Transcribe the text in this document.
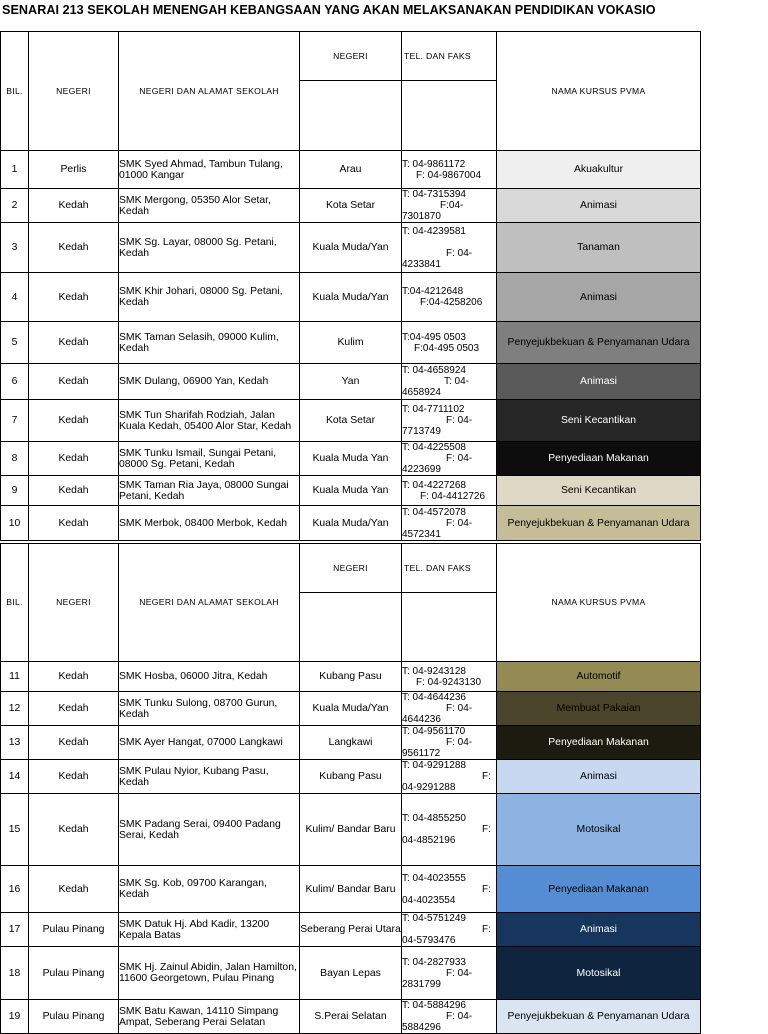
SENARAI 213 SEKOLAH MENENGAH KEBANGSAAN YANG AKAN MELAKSANAKAN PENDIDIKAN VOKASIO
BIL.	NEGERI	NEGERI DAN ALAMAT SEKOLAH	NEGERI	TEL. DAN FAKS	NAMA KURSUS PVMA

1	Perlis	SMK Syed Ahmad, Tambun Tulang, 01000 Kangar	Arau	T: 04-9861172
F: 04-9867004	Akuakultur
2	Kedah	SMK Mergong, 05350 Alor Setar, Kedah	Kota Setar	T: 04-7315394
F:04-
7301870	Animasi
3	Kedah	SMK Sg. Layar, 08000 Sg. Petani, Kedah	Kuala Muda/Yan	T: 04-4239581
F: 04-
4233841	Tanaman
4	Kedah	SMK Khir Johari, 08000 Sg. Petani, Kedah	Kuala Muda/Yan	T:04-4212648
F:04-4258206	Animasi
5	Kedah	SMK Taman Selasih, 09000 Kulim, Kedah	Kulim	T:04-495 0503
F:04-495 0503	Penyejukbekuan & Penyamanan Udara
6	Kedah	SMK Dulang, 06900 Yan, Kedah	Yan	T: 04-4658924
T: 04-
4658924	Animasi
7	Kedah	SMK Tun Sharifah Rodziah, Jalan Kuala Kedah, 05400 Alor Star, Kedah	Kota Setar	T: 04-7711102
F: 04-
7713749	Seni Kecantikan
8	Kedah	SMK Tunku Ismail, Sungai Petani, 08000 Sg. Petani, Kedah	Kuala Muda Yan	T: 04-4225508
F: 04-
4223699	Penyediaan Makanan
9	Kedah	SMK Taman Ria Jaya, 08000 Sungai Petani, Kedah	Kuala Muda Yan	T: 04-4227268
F: 04-4412726	Seni Kecantikan
10	Kedah	SMK Merbok, 08400 Merbok, Kedah	Kuala Muda/Yan	T: 04-4572078
F: 04-
4572341	Penyejukbekuan & Penyamanan Udara
BIL.	NEGERI	NEGERI DAN ALAMAT SEKOLAH	NEGERI	TEL. DAN FAKS	NAMA KURSUS PVMA

11	Kedah	SMK Hosba, 06000 Jitra, Kedah	Kubang Pasu	T: 04-9243128
F: 04-9243130	Automotif
12	Kedah	SMK Tunku Sulong, 08700 Gurun, Kedah	Kuala Muda/Yan	T: 04-4644236
F: 04-
4644236	Membuat Pakaian
13	Kedah	SMK Ayer Hangat, 07000 Langkawi	Langkawi	T: 04-9561170
F: 04-
9561172	Penyediaan Makanan
14	Kedah	SMK Pulau Nyior, Kubang Pasu, Kedah	Kubang Pasu	T: 04-9291288
F:
04-9291288	Animasi
15	Kedah	SMK Padang Serai, 09400 Padang Serai, Kedah	Kulim/ Bandar Baru	T: 04-4855250
F:
04-4852196	Motosikal
16	Kedah	SMK Sg. Kob, 09700 Karangan, Kedah	Kulim/ Bandar Baru	T: 04-4023555
F:
04-4023554	Penyediaan Makanan
17	Pulau Pinang	SMK Datuk Hj. Abd Kadir, 13200 Kepala Batas	Seberang Perai Utara	T: 04-5751249
F:
04-5793476	Animasi
18	Pulau Pinang	SMK Hj. Zainul Abidin, Jalan Hamilton, 11600 Georgetown, Pulau Pinang	Bayan Lepas	T: 04-2827933
F: 04-
2831799	Motosikal
19	Pulau Pinang	SMK Batu Kawan, 14110 Simpang Ampat, Seberang Perai Selatan	S.Perai Selatan	T: 04-5884296
F: 04-
5884296	Penyejukbekuan & Penyamanan Udara
